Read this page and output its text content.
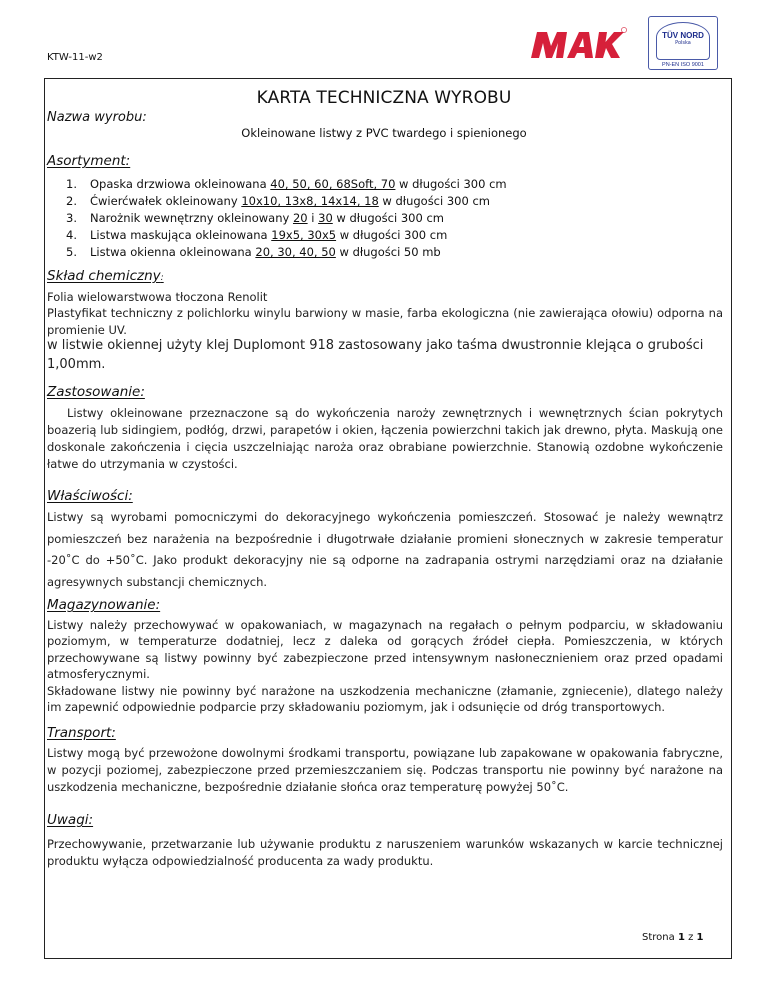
KTW-11-w2
TÜV NORD
Polska
PN-EN ISO 9001
KARTA TECHNICZNA WYROBU
Nazwa wyrobu:
Okleinowane listwy z PVC twardego i spienionego
Asortyment:
1.	Opaska drzwiowa okleinowana 40, 50, 60, 68Soft, 70 w długości 300 cm
2.	Ćwierćwałek okleinowany 10x10, 13x8, 14x14, 18 w długości 300 cm
3.	Narożnik wewnętrzny okleinowany 20 i 30 w długości 300 cm
4.	Listwa maskująca okleinowana 19x5, 30x5 w długości 300 cm
5.	Listwa okienna okleinowana 20, 30, 40, 50 w długości 50 mb
Skład chemiczny:
Folia wielowarstwowa tłoczona Renolit
Plastyfikat techniczny z polichlorku winylu barwiony w masie, farba ekologiczna (nie zawierająca ołowiu) odporna na promienie UV.
w listwie okiennej użyty klej Duplomont 918 zastosowany jako taśma dwustronnie klejąca o grubości 1,00mm.
Zastosowanie:
Listwy okleinowane przeznaczone są do wykończenia naroży zewnętrznych i wewnętrznych ścian pokrytych boazerią lub sidingiem, podłóg, drzwi, parapetów i okien, łączenia powierzchni takich jak drewno, płyta. Maskują one doskonale zakończenia i cięcia uszczelniając naroża oraz obrabiane powierzchnie. Stanowią ozdobne wykończenie łatwe do utrzymania w czystości.
Właściwości:
Listwy są wyrobami pomocniczymi do dekoracyjnego wykończenia pomieszczeń. Stosować je należy wewnątrz pomieszczeń bez narażenia na bezpośrednie i długotrwałe działanie promieni słonecznych w zakresie temperatur -20˚C do +50˚C. Jako produkt dekoracyjny nie są odporne na zadrapania ostrymi narzędziami oraz na działanie agresywnych substancji chemicznych.
Magazynowanie:

Listwy należy przechowywać w opakowaniach, w magazynach na regałach o pełnym podparciu, w składowaniu poziomym, w temperaturze dodatniej, lecz z daleka od gorących źródeł ciepła. Pomieszczenia, w których przechowywane są listwy powinny być zabezpieczone przed intensywnym nasłonecznieniem oraz przed opadami atmosferycznymi.

Składowane listwy nie powinny być narażone na uszkodzenia mechaniczne (złamanie, zgniecenie), dlatego należy im zapewnić odpowiednie podparcie przy składowaniu poziomym, jak i odsunięcie od dróg transportowych.

Transport:
Listwy mogą być przewożone dowolnymi środkami transportu, powiązane lub zapakowane w opakowania fabryczne, w pozycji poziomej, zabezpieczone przed przemieszczaniem się. Podczas transportu nie powinny być narażone na uszkodzenia mechaniczne, bezpośrednie działanie słońca oraz temperaturę powyżej 50˚C.
Uwagi:
Przechowywanie, przetwarzanie lub używanie produktu z naruszeniem warunków wskazanych w karcie technicznej produktu wyłącza odpowiedzialność producenta za wady produktu.
Strona 1 z 1
